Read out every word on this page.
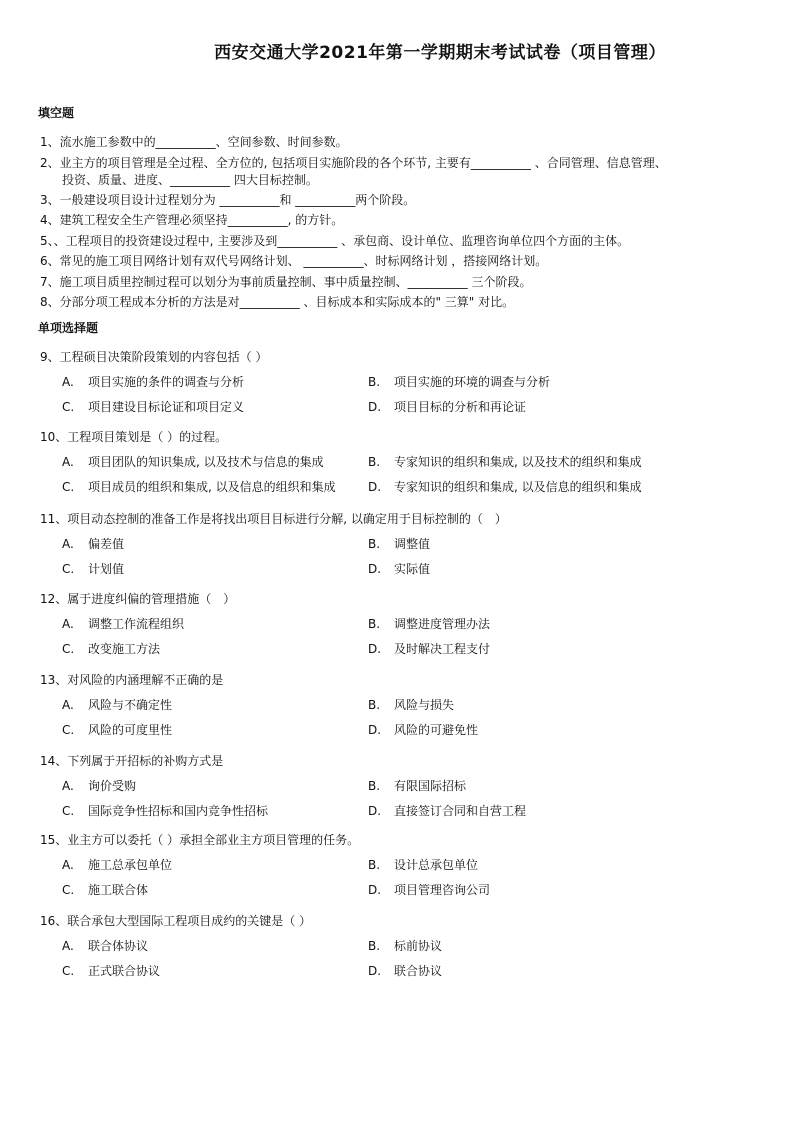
西安交通大学2021年第一学期期末考试试卷（项目管理）
填空题
单项选择题
1、流水施工参数中的__________、空间参数、时间参数。
2、业主方的项目管理是全过程、全方位的, 包括项目实施阶段的各个环节, 主要有__________ 、合同管理、信息管理、
投资、质量、进度、__________ 四大目标控制。
3、一般建设项目设计过程划分为 __________和 __________两个阶段。
4、建筑工程安全生产管理必须坚持__________, 的方针。
5、、工程项目的投资建设过程中, 主要涉及到__________ 、承包商、设计单位、监理咨询单位四个方面的主体。
6、常见的施工项目网络计划有双代号网络计划、 __________、时标网络计划 ，搭接网络计划。
7、施工项目质里控制过程可以划分为事前质量控制、事中质量控制、__________ 三个阶段。
8、分部分项工程成本分析的方法是对__________ 、目标成本和实际成本的" 三算" 对比。
9、工程硕目决策阶段策划的内容包括（ ）
A. 项目实施的条件的调查与分析	B. 项目实施的环境的调查与分析
C. 项目建设目标论证和项目定义	D. 项目目标的分析和再论证
10、工程项目策划是（ ）的过程。
A. 项目团队的知识集成, 以及技术与信息的集成	B. 专家知识的组织和集成, 以及技术的组织和集成
C. 项目成员的组织和集成, 以及信息的组织和集成	D. 专家知识的组织和集成, 以及信息的组织和集成
11、项目动态控制的准备工作是将找出项目目标进行分解, 以确定用于目标控制的（　）
A. 偏差值	B. 调整值
C. 计划值	D. 实际值
12、属于进度纠偏的管理措施（　）
A. 调整工作流程组织	B. 调整进度管理办法
C. 改变施工方法	D. 及时解决工程支付
13、对风险的内涵理解不正确的是
A. 风险与不确定性	B. 风险与损失
C. 风险的可度里性	D. 风险的可避免性
14、下列属于开招标的补购方式是
A. 询价受购	B. 有限国际招标
C. 国际竞争性招标和国内竞争性招标	D. 直接签订合同和自营工程
15、业主方可以委托（ ）承担全部业主方项目管理的任务。
A. 施工总承包单位	B. 设计总承包单位
C. 施工联合体	D. 项目管理咨询公司
16、联合承包大型国际工程项目成约的关键是（ ）
A. 联合体协议	B. 标前协议
C. 正式联合协议	D. 联合协议
